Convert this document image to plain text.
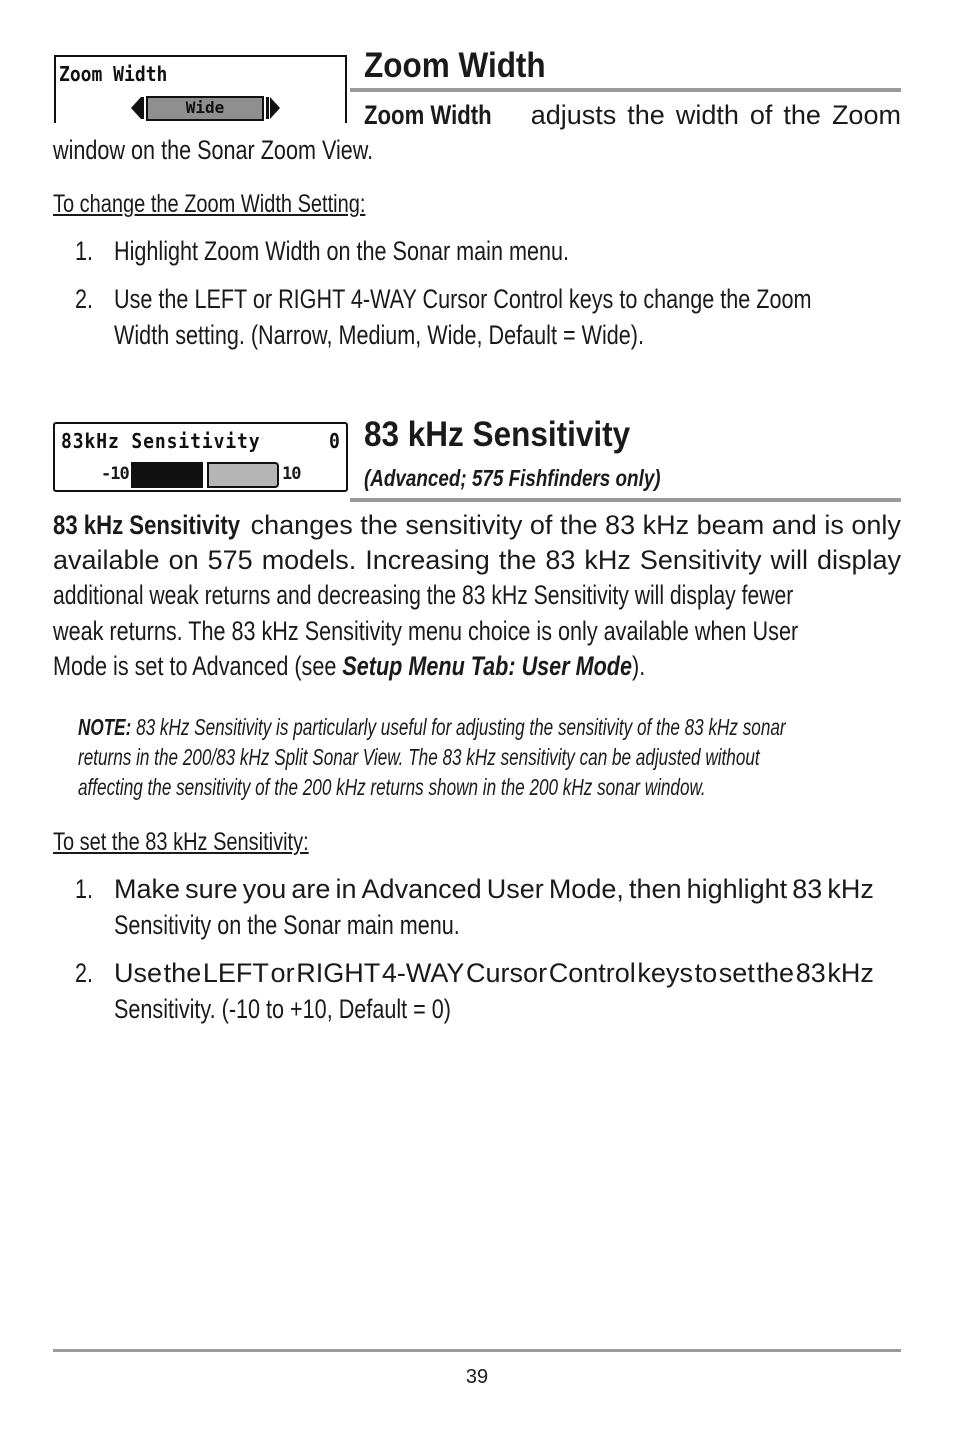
Zoom Width
Wide
Zoom Width
Zoom Width	adjusts the width of the Zoom
window on the Sonar Zoom View.
To change the Zoom Width Setting:
1. Highlight Zoom Width on the Sonar main menu.
2. Use the LEFT or RIGHT 4-WAY Cursor Control keys to change the Zoom
Width setting. (Narrow, Medium, Wide, Default = Wide).
83kHz Sensitivity	0
-10	10
83 kHz Sensitivity
(Advanced; 575 Fishfinders only)
83 kHz Sensitivity changes the sensitivity of the 83 kHz beam and is only
available on 575 models. Increasing the 83 kHz Sensitivity will display
additional weak returns and decreasing the 83 kHz Sensitivity will display fewer
weak returns. The 83 kHz Sensitivity menu choice is only available when User
Mode is set to Advanced (see Setup Menu Tab: User Mode).
NOTE: 83 kHz Sensitivity is particularly useful for adjusting the sensitivity of the 83 kHz sonar
returns in the 200/83 kHz Split Sonar View. The 83 kHz sensitivity can be adjusted without
affecting the sensitivity of the 200 kHz returns shown in the 200 kHz sonar window.
To set the 83 kHz Sensitivity:
1. Make sure you are in Advanced User Mode, then highlight 83 kHz
Sensitivity on the Sonar main menu.
2. Use the LEFT or RIGHT 4-WAY Cursor Control keys to set the 83 kHz
Sensitivity. (-10 to +10, Default = 0)
39
